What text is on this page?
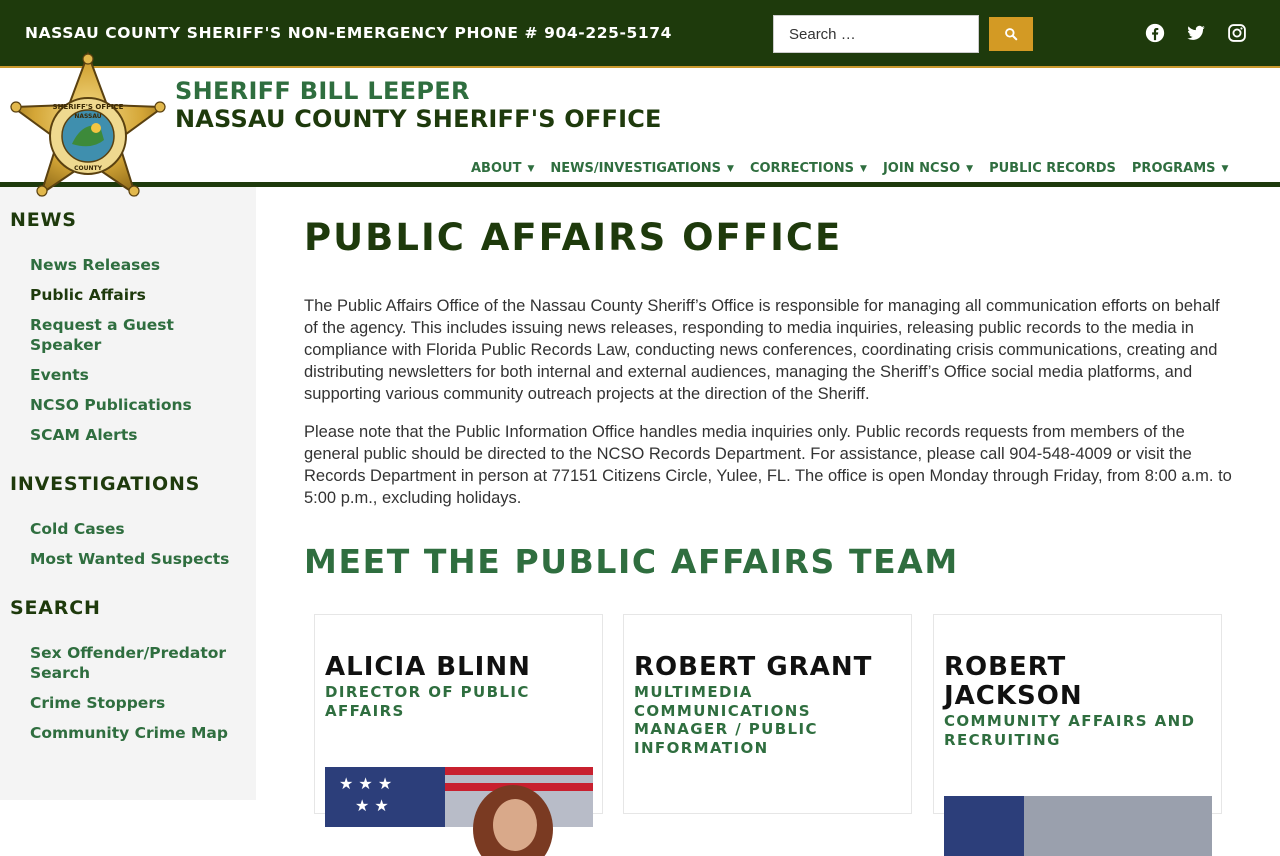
NASSAU COUNTY SHERIFF'S NON-EMERGENCY PHONE # 904-225-5174
Search …
SHERIFF'S OFFICE
NASSAU
COUNTY
SHERIFF BILL LEEPER
NASSAU COUNTY SHERIFF'S OFFICE
ABOUT ▼ NEWS/INVESTIGATIONS ▼ CORRECTIONS ▼ JOIN NCSO ▼ PUBLIC RECORDS PROGRAMS ▼
NEWS
News Releases
Public Affairs
Request a Guest Speaker
Events
NCSO Publications
SCAM Alerts
INVESTIGATIONS
Cold Cases
Most Wanted Suspects
SEARCH
Sex Offender/Predator Search
Crime Stoppers
Community Crime Map
PUBLIC AFFAIRS OFFICE

The Public Affairs Office of the Nassau County Sheriff’s Office is responsible for managing all communication efforts on behalf of the agency. This includes issuing news releases, responding to media inquiries, releasing public records to the media in compliance with Florida Public Records Law, conducting news conferences, coordinating crisis communications, creating and distributing newsletters for both internal and external audiences, managing the Sheriff’s Office social media platforms, and supporting various community outreach projects at the direction of the Sheriff.

Please note that the Public Information Office handles media inquiries only. Public records requests from members of the general public should be directed to the NCSO Records Department. For assistance, please call 904-548-4009 or visit the Records Department in person at 77151 Citizens Circle, Yulee, FL. The office is open Monday through Friday, from 8:00 a.m. to 5:00 p.m., excluding holidays.

MEET THE PUBLIC AFFAIRS TEAM
ALICIA BLINN
DIRECTOR OF PUBLIC AFFAIRS
★ ★ ★
★ ★
ROBERT GRANT
MULTIMEDIA COMMUNICATIONS MANAGER / PUBLIC INFORMATION
ROBERT JACKSON
COMMUNITY AFFAIRS AND RECRUITING
